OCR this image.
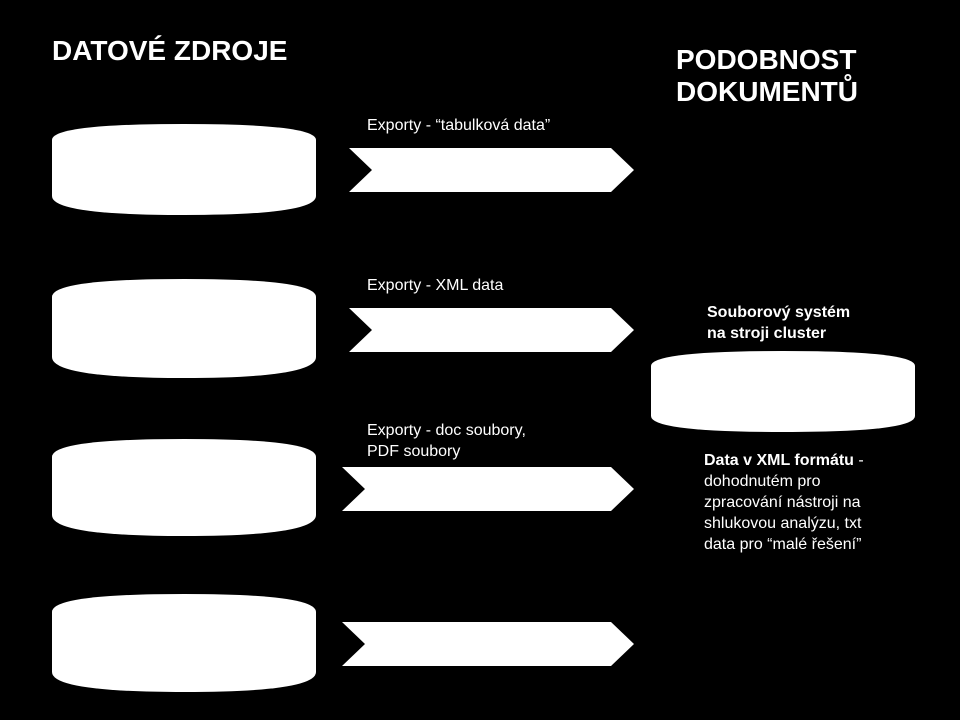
DATOVÉ ZDROJE	PODOBNOST
DOKUMENTŮ
Exporty - “tabulková data”
Exporty - XML data
Exporty - doc soubory,
PDF soubory
Souborový systém
na stroji cluster
Data v XML formátu -
dohodnutém pro
zpracování nástroji na
shlukovou analýzu, txt
data pro “malé řešení”
